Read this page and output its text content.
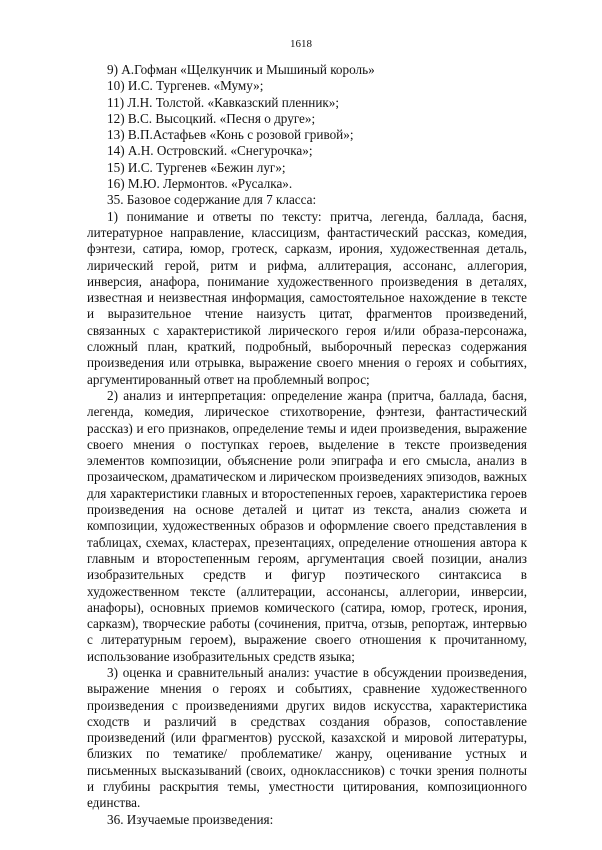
1618
9) А.Гофман «Щелкунчик и Мышиный король»
10) И.С. Тургенев. «Муму»;
11) Л.Н. Толстой. «Кавказский пленник»;
12) В.С. Высоцкий. «Песня о друге»;
13) В.П.Астафьев «Конь с розовой гривой»;
14) А.Н. Островский. «Снегурочка»;
15) И.С. Тургенев «Бежин луг»;
16) М.Ю. Лермонтов. «Русалка».

35. Базовое содержание для 7 класса:

1) понимание и ответы по тексту: притча, легенда, баллада, басня, литературное направление, классицизм, фантастический рассказ, комедия, фэнтези, сатира, юмор, гротеск, сарказм, ирония, художественная деталь, лирический герой, ритм и рифма, аллитерация, ассонанс, аллегория, инверсия, анафора, понимание художественного произведения в деталях, известная и неизвестная информация, самостоятельное нахождение в тексте и выразительное чтение наизусть цитат, фрагментов произведений, связанных с характеристикой лирического героя и/или образа-персонажа, сложный план, краткий, подробный, выборочный пересказ содержания произведения или отрывка, выражение своего мнения о героях и событиях, аргументированный ответ на проблемный вопрос;

2) анализ и интерпретация: определение жанра (притча, баллада, басня, легенда, комедия, лирическое стихотворение, фэнтези, фантастический рассказ) и его признаков, определение темы и идеи произведения, выражение своего мнения о поступках героев, выделение в тексте произведения элементов композиции, объяснение роли эпиграфа и его смысла, анализ в прозаическом, драматическом и лирическом произведениях эпизодов, важных для характеристики главных и второстепенных героев, характеристика героев произведения на основе деталей и цитат из текста, анализ сюжета и композиции, художественных образов и оформление своего представления в таблицах, схемах, кластерах, презентациях, определение отношения автора к главным и второстепенным героям, аргументация своей позиции, анализ изобразительных средств и фигур поэтического синтаксиса в художественном тексте (аллитерации, ассонансы, аллегории, инверсии, анафоры), основных приемов комического (сатира, юмор, гротеск, ирония, сарказм), творческие работы (сочинения, притча, отзыв, репортаж, интервью с литературным героем), выражение своего отношения к прочитанному, использование изобразительных средств языка;

3) оценка и сравнительный анализ: участие в обсуждении произведения, выражение мнения о героях и событиях, сравнение художественного произведения с произведениями других видов искусства, характеристика сходств и различий в средствах создания образов, сопоставление произведений (или фрагментов) русской, казахской и мировой литературы, близких по тематике/ проблематике/ жанру, оценивание устных и письменных высказываний (своих, одноклассников) с точки зрения полноты и глубины раскрытия темы, уместности цитирования, композиционного единства.

36. Изучаемые произведения:
